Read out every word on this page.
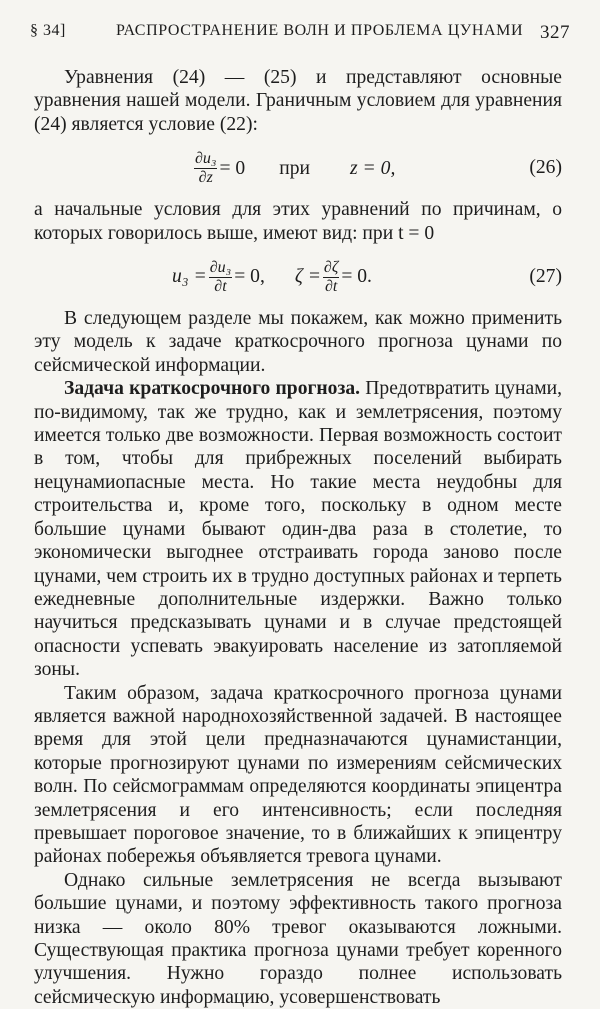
§ 34]	РАСПРОСТРАНЕНИЕ ВОЛН И ПРОБЛЕМА ЦУНАМИ 327

Уравнения (24) — (25) и представляют основные уравнения нашей модели. Граничным условием для уравнения (24) является условие (22):

$\frac{\text{∂u₃}}{\partial z} = 0$ при z = 0,	(26)

а начальные условия для этих уравнений по причинам, о которых говорилось выше, имеют вид: при t = 0

$u_3 = \frac{\text{∂u₃}}{\partial t} = 0$, $\zeta = \frac{\partial\zeta}{\partial t} = 0$.	(27)

В следующем разделе мы покажем, как можно применить эту модель к задаче краткосрочного прогноза цунами по сейсмической информации.

Задача краткосрочного прогноза. Предотвратить цунами, по-видимому, так же трудно, как и землетрясения, поэтому имеется только две возможности. Первая возможность состоит в том, чтобы для прибрежных поселений выбирать нецунамиопасные места. Но такие места неудобны для строительства и, кроме того, поскольку в одном месте большие цунами бывают один-два раза в столетие, то экономически выгоднее отстраивать города заново после цунами, чем строить их в трудно доступных районах и терпеть ежедневные дополнительные издержки. Важно только научиться предсказывать цунами и в случае предстоящей опасности успевать эвакуировать население из затопляемой зоны.

Таким образом, задача краткосрочного прогноза цунами является важной народнохозяйственной задачей. В настоящее время для этой цели предназначаются цунамистанции, которые прогнозируют цунами по измерениям сейсмических волн. По сейсмограммам определяются координаты эпицентра землетрясения и его интенсивность; если последняя превышает пороговое значение, то в ближайших к эпицентру районах побережья объявляется тревога цунами.

Однако сильные землетрясения не всегда вызывают большие цунами, и поэтому эффективность такого прогноза низка — около 80% тревог оказываются ложными. Существующая практика прогноза цунами требует коренного улучшения. Нужно гораздо полнее использовать сейсмическую информацию, усовершенствовать
